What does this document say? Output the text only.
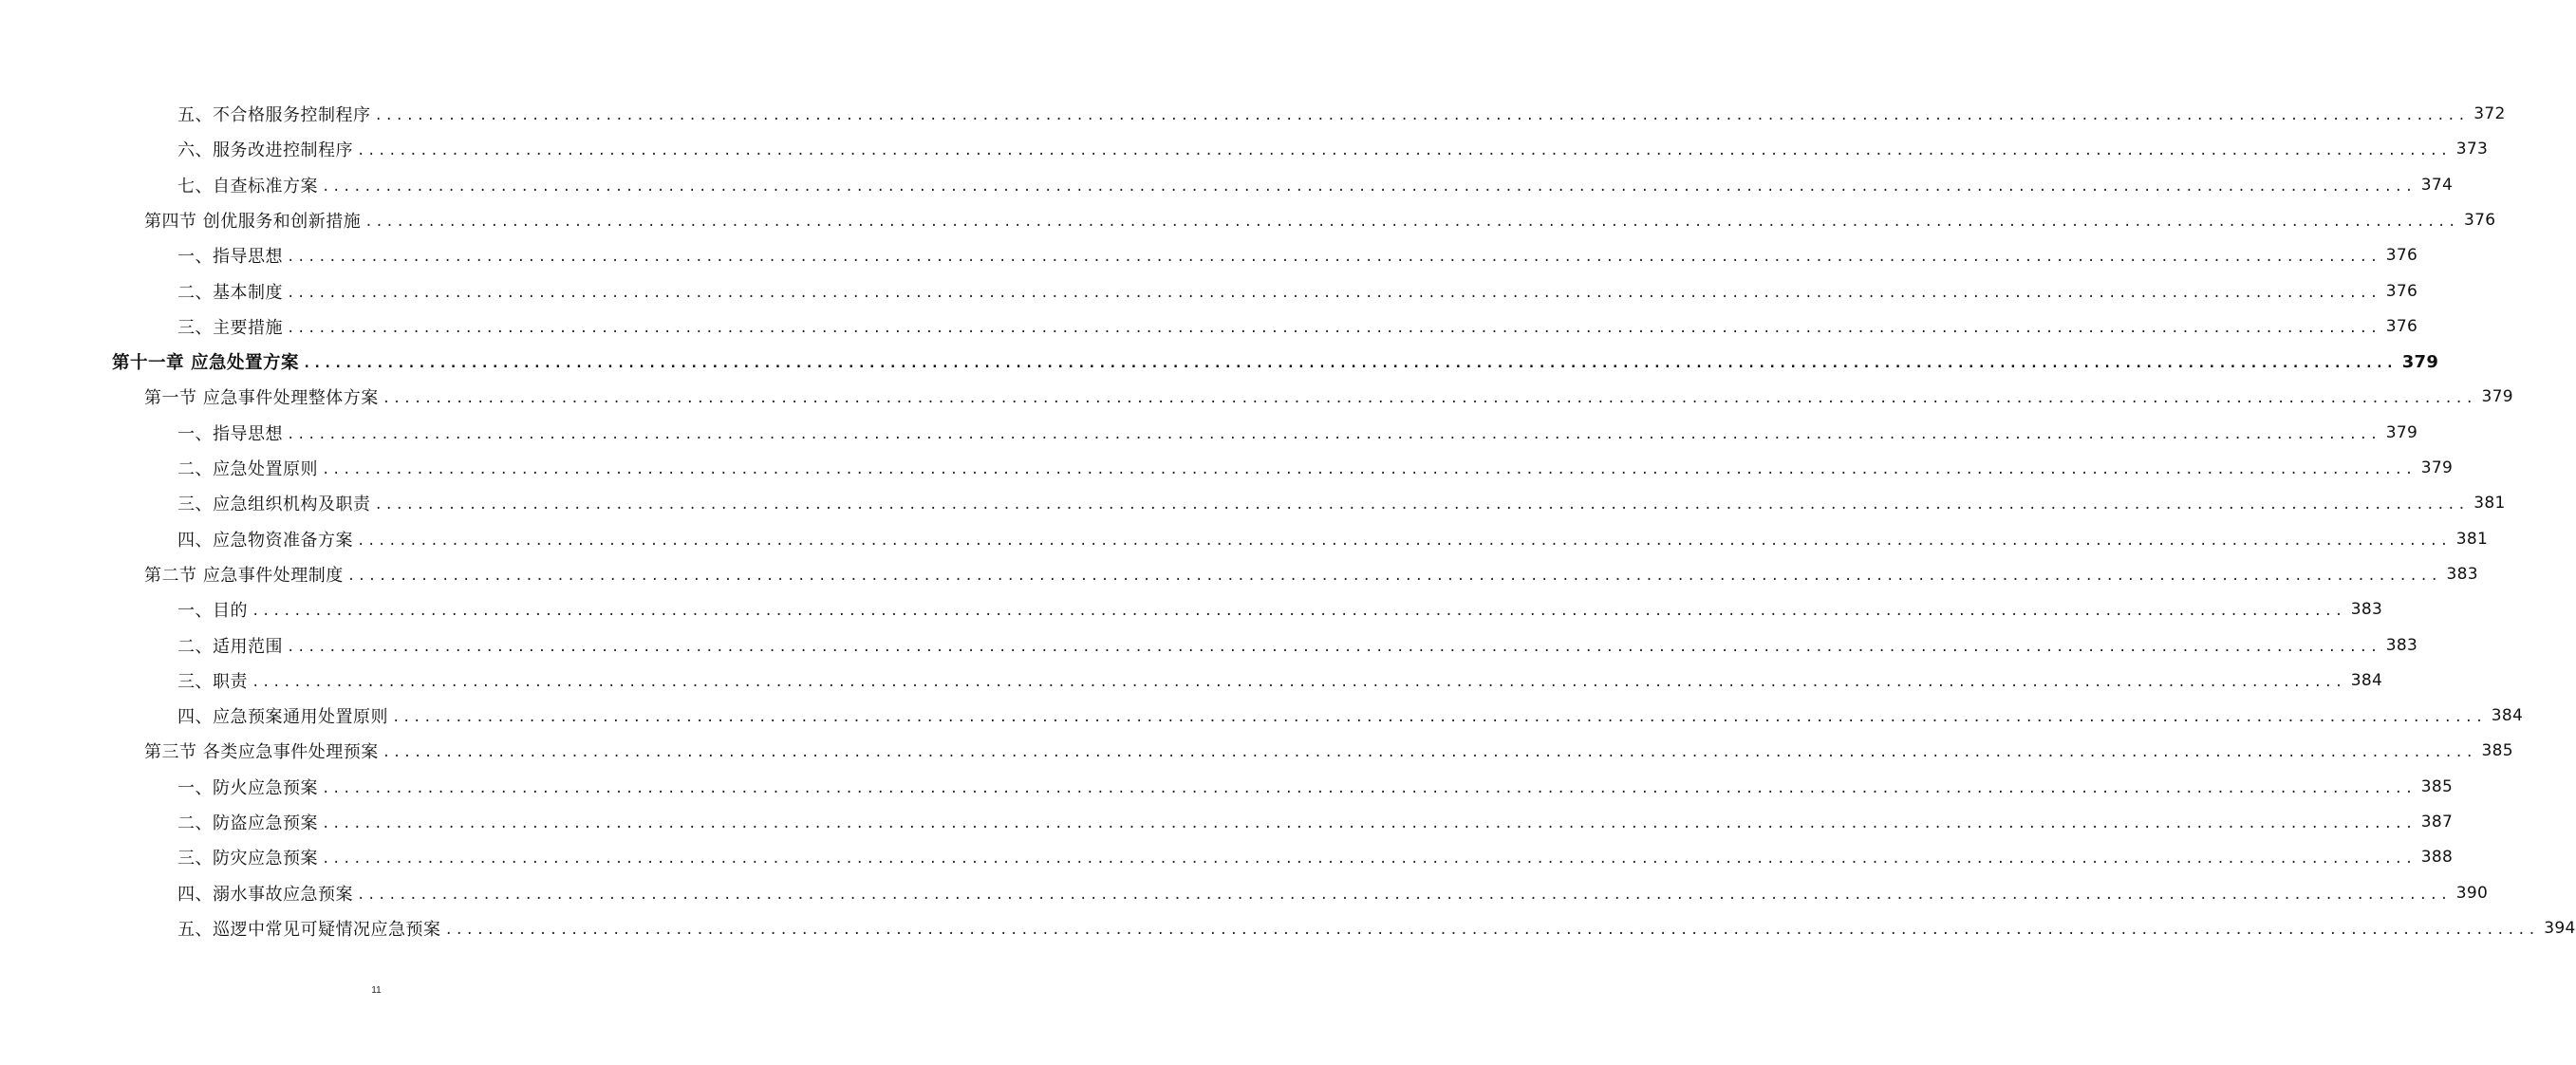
五、不合格服务控制程序 ........................................................................................................................................................................................................ 372
六、服务改进控制程序 ........................................................................................................................................................................................................ 373
七、自查标准方案 ........................................................................................................................................................................................................ 374
第四节 创优服务和创新措施 ........................................................................................................................................................................................................ 376
一、指导思想 ........................................................................................................................................................................................................ 376
二、基本制度 ........................................................................................................................................................................................................ 376
三、主要措施 ........................................................................................................................................................................................................ 376
第十一章 应急处置方案 ........................................................................................................................................................................................................ 379
第一节 应急事件处理整体方案 ........................................................................................................................................................................................................ 379
一、指导思想 ........................................................................................................................................................................................................ 379
二、应急处置原则 ........................................................................................................................................................................................................ 379
三、应急组织机构及职责 ........................................................................................................................................................................................................ 381
四、应急物资准备方案 ........................................................................................................................................................................................................ 381
第二节 应急事件处理制度 ........................................................................................................................................................................................................ 383
一、目的 ........................................................................................................................................................................................................ 383
二、适用范围 ........................................................................................................................................................................................................ 383
三、职责 ........................................................................................................................................................................................................ 384
四、应急预案通用处置原则 ........................................................................................................................................................................................................ 384
第三节 各类应急事件处理预案 ........................................................................................................................................................................................................ 385
一、防火应急预案 ........................................................................................................................................................................................................ 385
二、防盗应急预案 ........................................................................................................................................................................................................ 387
三、防灾应急预案 ........................................................................................................................................................................................................ 388
四、溺水事故应急预案 ........................................................................................................................................................................................................ 390
五、巡逻中常见可疑情况应急预案 ........................................................................................................................................................................................................ 394
11
